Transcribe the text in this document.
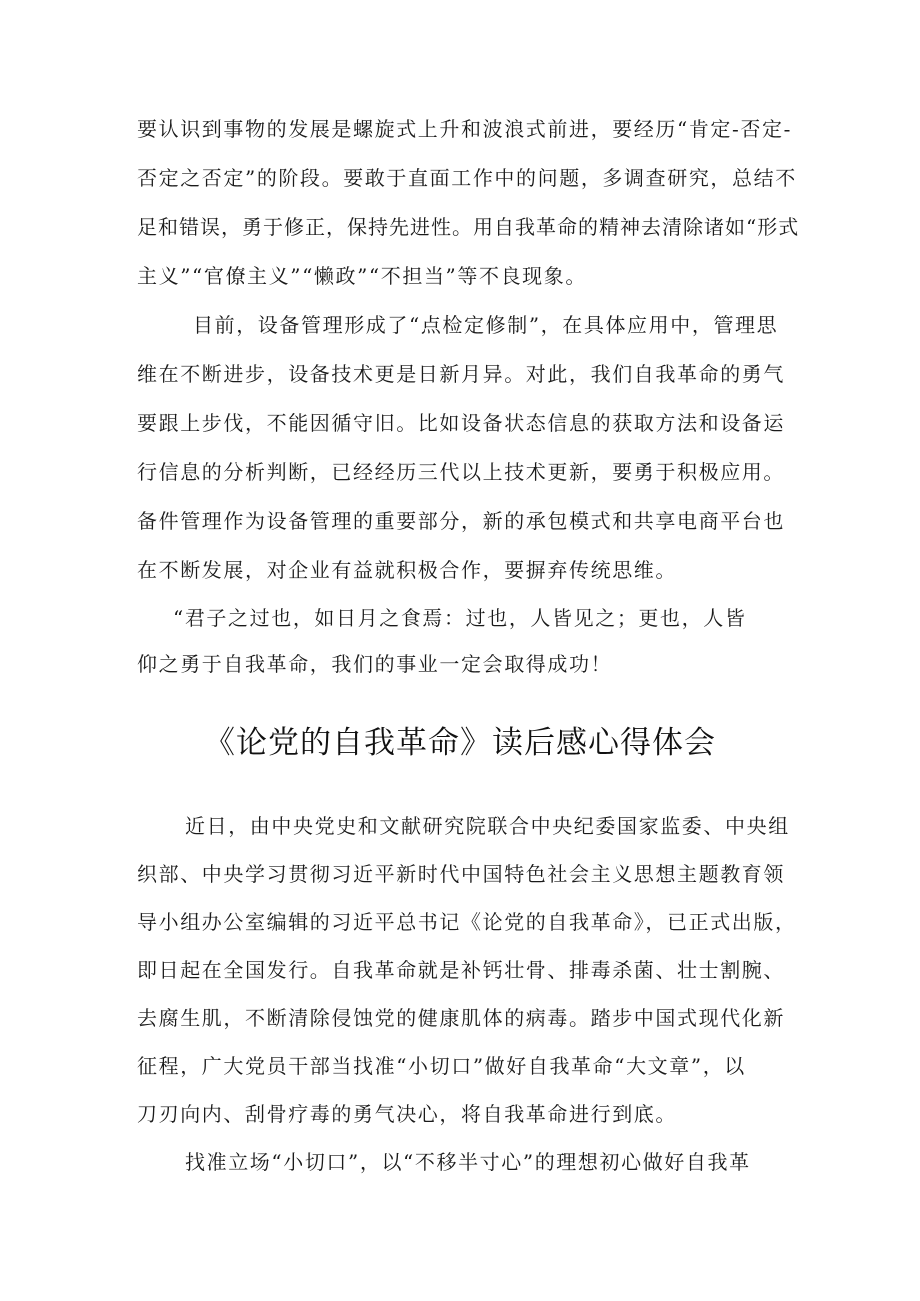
要认识到事物的发展是螺旋式上升和波浪式前进，要经历“肯定-否定-
否定之否定”的阶段。要敢于直面工作中的问题，多调查研究，总结不
足和错误，勇于修正，保持先进性。用自我革命的精神去清除诸如“形式
主义”“官僚主义”“懒政”“不担当”等不良现象。
目前，设备管理形成了“点检定修制”，在具体应用中，管理思
维在不断进步，设备技术更是日新月异。对此，我们自我革命的勇气
要跟上步伐，不能因循守旧。比如设备状态信息的获取方法和设备运
行信息的分析判断，已经经历三代以上技术更新，要勇于积极应用。
备件管理作为设备管理的重要部分，新的承包模式和共享电商平台也
在不断发展，对企业有益就积极合作，要摒弃传统思维。
“君子之过也，如日月之食焉：过也，人皆见之；更也，人皆
仰之勇于自我革命，我们的事业一定会取得成功！
《论党的自我革命》读后感心得体会
近日，由中央党史和文献研究院联合中央纪委国家监委、中央组
织部、中央学习贯彻习近平新时代中国特色社会主义思想主题教育领
导小组办公室编辑的习近平总书记《论党的自我革命》，已正式出版，
即日起在全国发行。自我革命就是补钙壮骨、排毒杀菌、壮士割腕、
去腐生肌，不断清除侵蚀党的健康肌体的病毒。踏步中国式现代化新
征程，广大党员干部当找准“小切口”做好自我革命“大文章”，以
刀刃向内、刮骨疗毒的勇气决心，将自我革命进行到底。
找准立场“小切口”，以“不移半寸心”的理想初心做好自我革
